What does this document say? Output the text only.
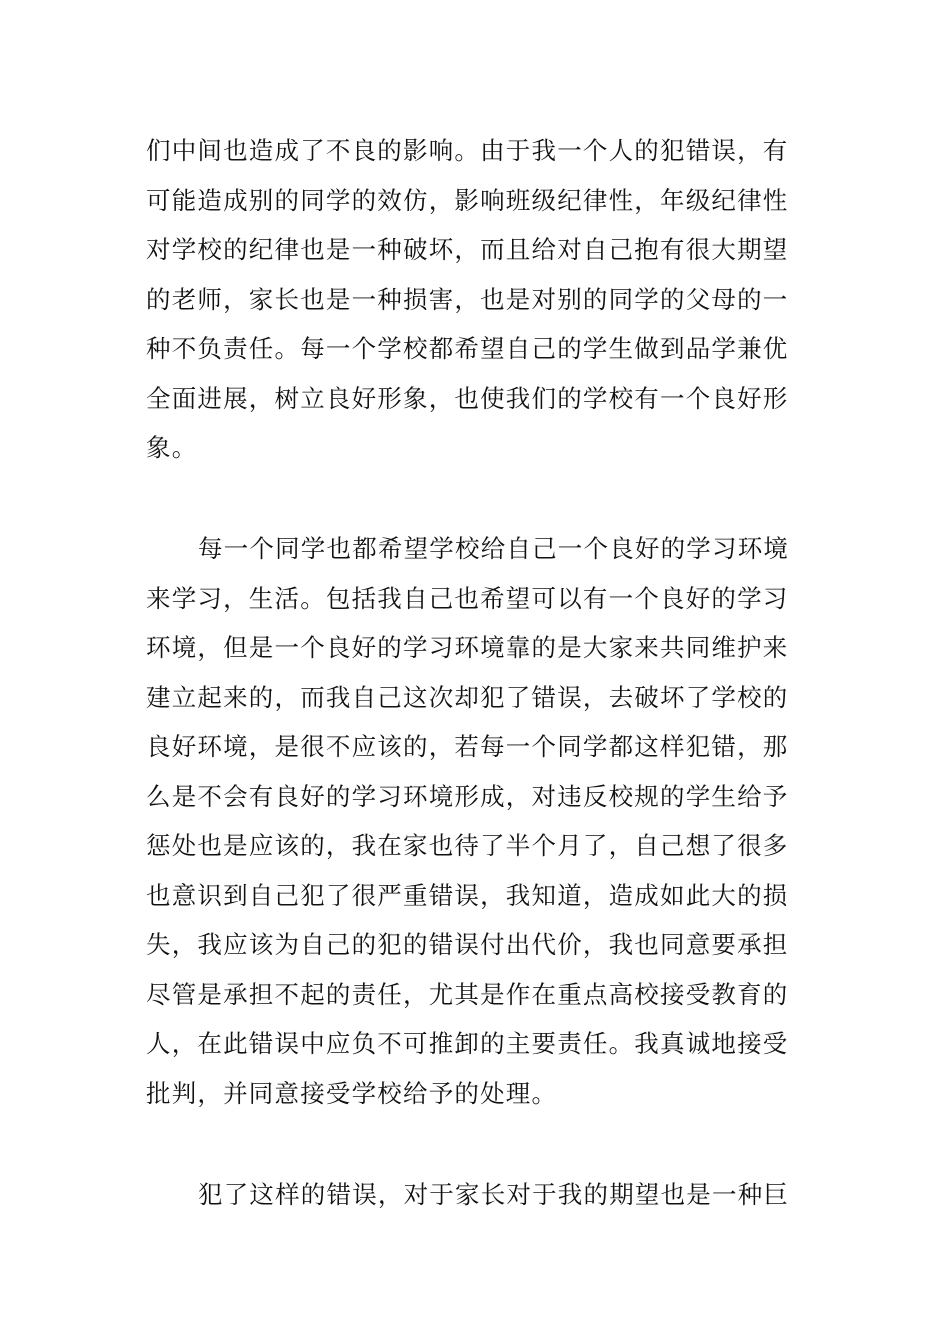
们中间也造成了不良的影响。由于我一个人的犯错误，有
可能造成别的同学的效仿，影响班级纪律性，年级纪律性
对学校的纪律也是一种破坏，而且给对自己抱有很大期望
的老师，家长也是一种损害，也是对别的同学的父母的一
种不负责任。每一个学校都希望自己的学生做到品学兼优
全面进展，树立良好形象，也使我们的学校有一个良好形
象。
每一个同学也都希望学校给自己一个良好的学习环境
来学习，生活。包括我自己也希望可以有一个良好的学习
环境，但是一个良好的学习环境靠的是大家来共同维护来
建立起来的，而我自己这次却犯了错误，去破坏了学校的
良好环境，是很不应该的，若每一个同学都这样犯错，那
么是不会有良好的学习环境形成，对违反校规的学生给予
惩处也是应该的，我在家也待了半个月了，自己想了很多
也意识到自己犯了很严重错误，我知道，造成如此大的损
失，我应该为自己的犯的错误付出代价，我也同意要承担
尽管是承担不起的责任，尤其是作在重点高校接受教育的
人，在此错误中应负不可推卸的主要责任。我真诚地接受
批判，并同意接受学校给予的处理。
犯了这样的错误，对于家长对于我的期望也是一种巨
